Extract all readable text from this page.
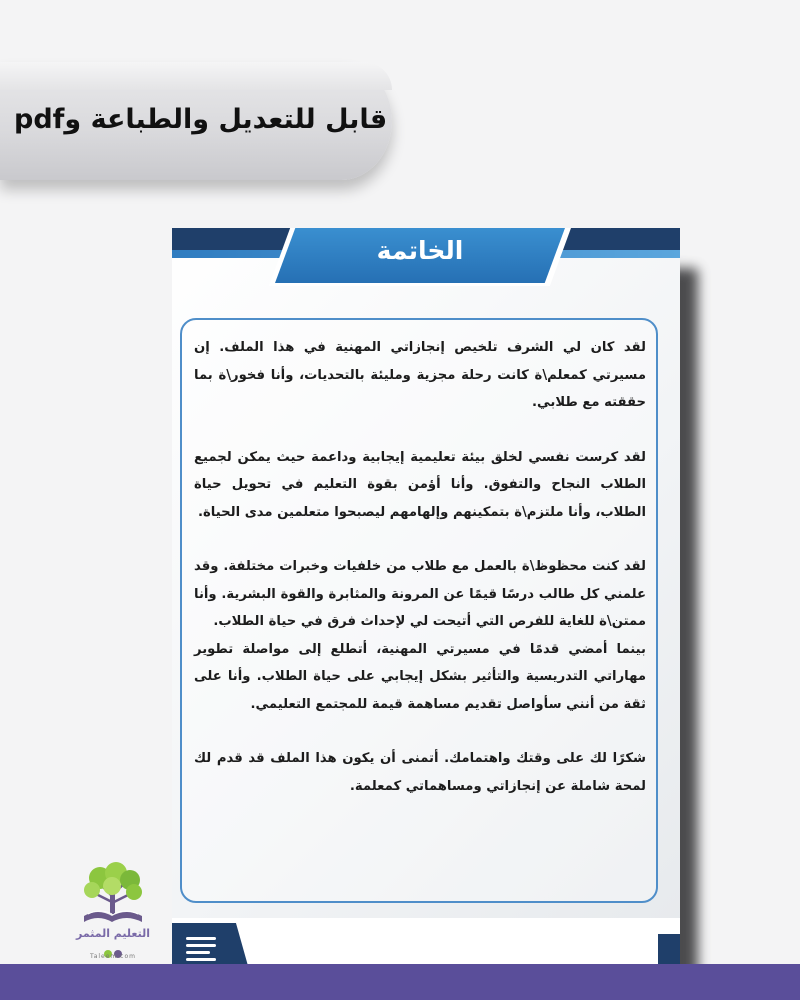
قابل للتعديل والطباعة وpdf
الخاتمة

لقد كان لي الشرف تلخيص إنجازاتي المهنية في هذا الملف. إن مسيرتي كمعلم\ة كانت رحلة مجزية ومليئة بالتحديات، وأنا فخور\ة بما حققته مع طلابي.

لقد كرست نفسي لخلق بيئة تعليمية إيجابية وداعمة حيث يمكن لجميع الطلاب النجاح والتفوق. وأنا أؤمن بقوة التعليم في تحويل حياة الطلاب، وأنا ملتزم\ة بتمكينهم وإلهامهم ليصبحوا متعلمين مدى الحياة.

لقد كنت محظوظ\ة بالعمل مع طلاب من خلفيات وخبرات مختلفة. وقد علمني كل طالب درسًا قيمًا عن المرونة والمثابرة والقوة البشرية. وأنا ممتن\ة للغاية للفرص التي أتيحت لي لإحداث فرق في حياة الطلاب.

بينما أمضي قدمًا في مسيرتي المهنية، أتطلع إلى مواصلة تطوير مهاراتي التدريسية والتأثير بشكل إيجابي على حياة الطلاب. وأنا على ثقة من أنني سأواصل تقديم مساهمة قيمة للمجتمع التعليمي.

شكرًا لك على وقتك واهتمامك. أتمنى أن يكون هذا الملف قد قدم لك لمحة شاملة عن إنجازاتي ومساهماتي كمعلمة.

التعليم المثمر
Taleem.com
